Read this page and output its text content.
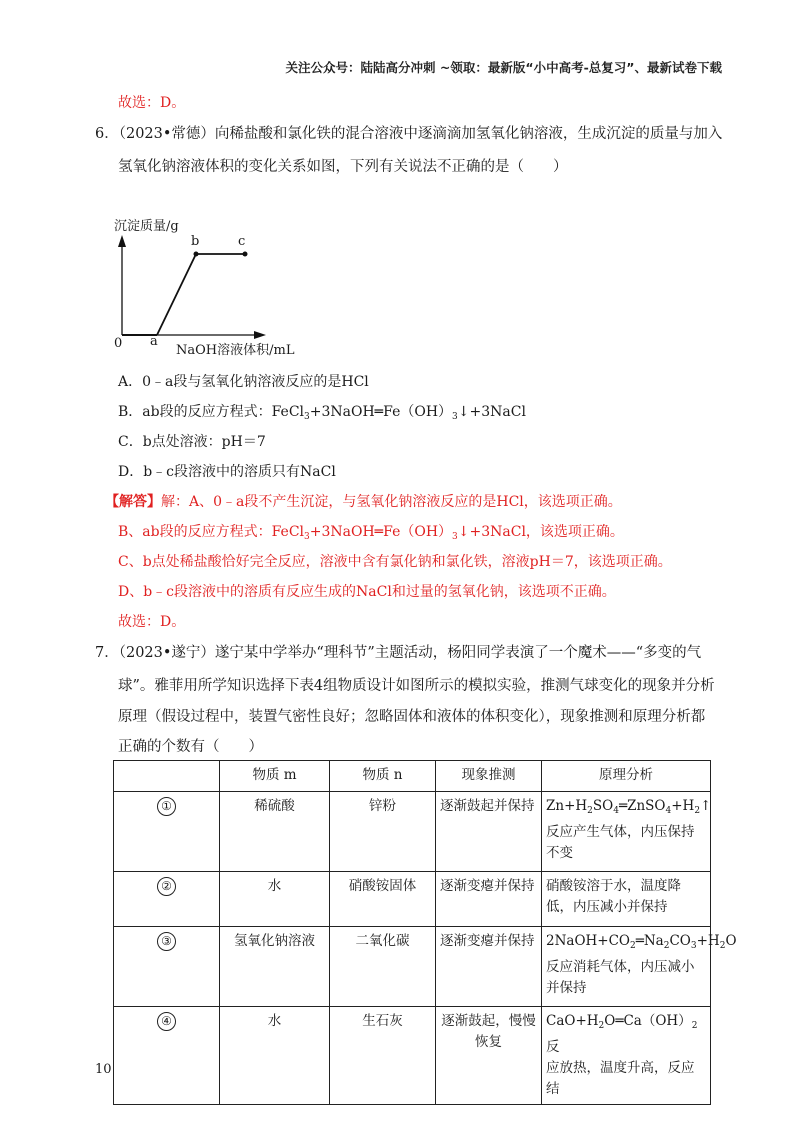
关注公众号：陆陆高分冲刺 ~领取：最新版“小中高考-总复习”、最新试卷下载
故选：D。
6．（2023•常德）向稀盐酸和氯化铁的混合溶液中逐滴滴加氢氧化钠溶液，生成沉淀的质量与加入
氢氧化钠溶液体积的变化关系如图，下列有关说法不正确的是（　　）
沉淀质量/g
b	c
0 a
NaOH溶液体积/mL
A．0﹣a段与氢氧化钠溶液反应的是HCl
B．ab段的反应方程式：$FeCl_3+3NaOH═Fe(OH)_3↓+3NaCl$
C．b点处溶液：pH＝7
D．b﹣c段溶液中的溶质只有NaCl
【解答】解：A、0﹣a段不产生沉淀，与氢氧化钠溶液反应的是HCl，该选项正确。
B、ab段的反应方程式：$FeCl_3+3NaOH═Fe(OH)_3↓+3NaCl$，该选项正确。
C、b点处稀盐酸恰好完全反应，溶液中含有氯化钠和氯化铁，溶液pH＝7，该选项正确。
D、b﹣c段溶液中的溶质有反应生成的NaCl和过量的氢氧化钠，该选项不正确。
故选：D。
7．（2023•遂宁）遂宁某中学举办“理科节”主题活动，杨阳同学表演了一个魔术——“多变的气
球”。雅菲用所学知识选择下表4组物质设计如图所示的模拟实验，推测气球变化的现象并分析
原理（假设过程中，装置气密性良好；忽略固体和液体的体积变化），现象推测和原理分析都
正确的个数有（　　）
	物质 m	物质 n	现象推测	原理分析
①	稀硫酸	锌粉	逐渐鼓起并保持	$Zn+H_2SO_4═ZnSO_4+H_2↑$
反应产生气体，内压保持不变

②	水	硝酸铵固体	逐渐变瘪并保持	硝酸铵溶于水，温度降低，内压减小并保持

③	氢氧化钠溶液	二氧化碳	逐渐变瘪并保持	$2NaOH+CO_2═Na_2CO_3+H_2O$
反应消耗气体，内压减小并保持

④	水	生石灰	逐渐鼓起，慢慢恢复	$CaO+H_2O═Ca(OH)_2$反
应放热，温度升高，反应结
10
